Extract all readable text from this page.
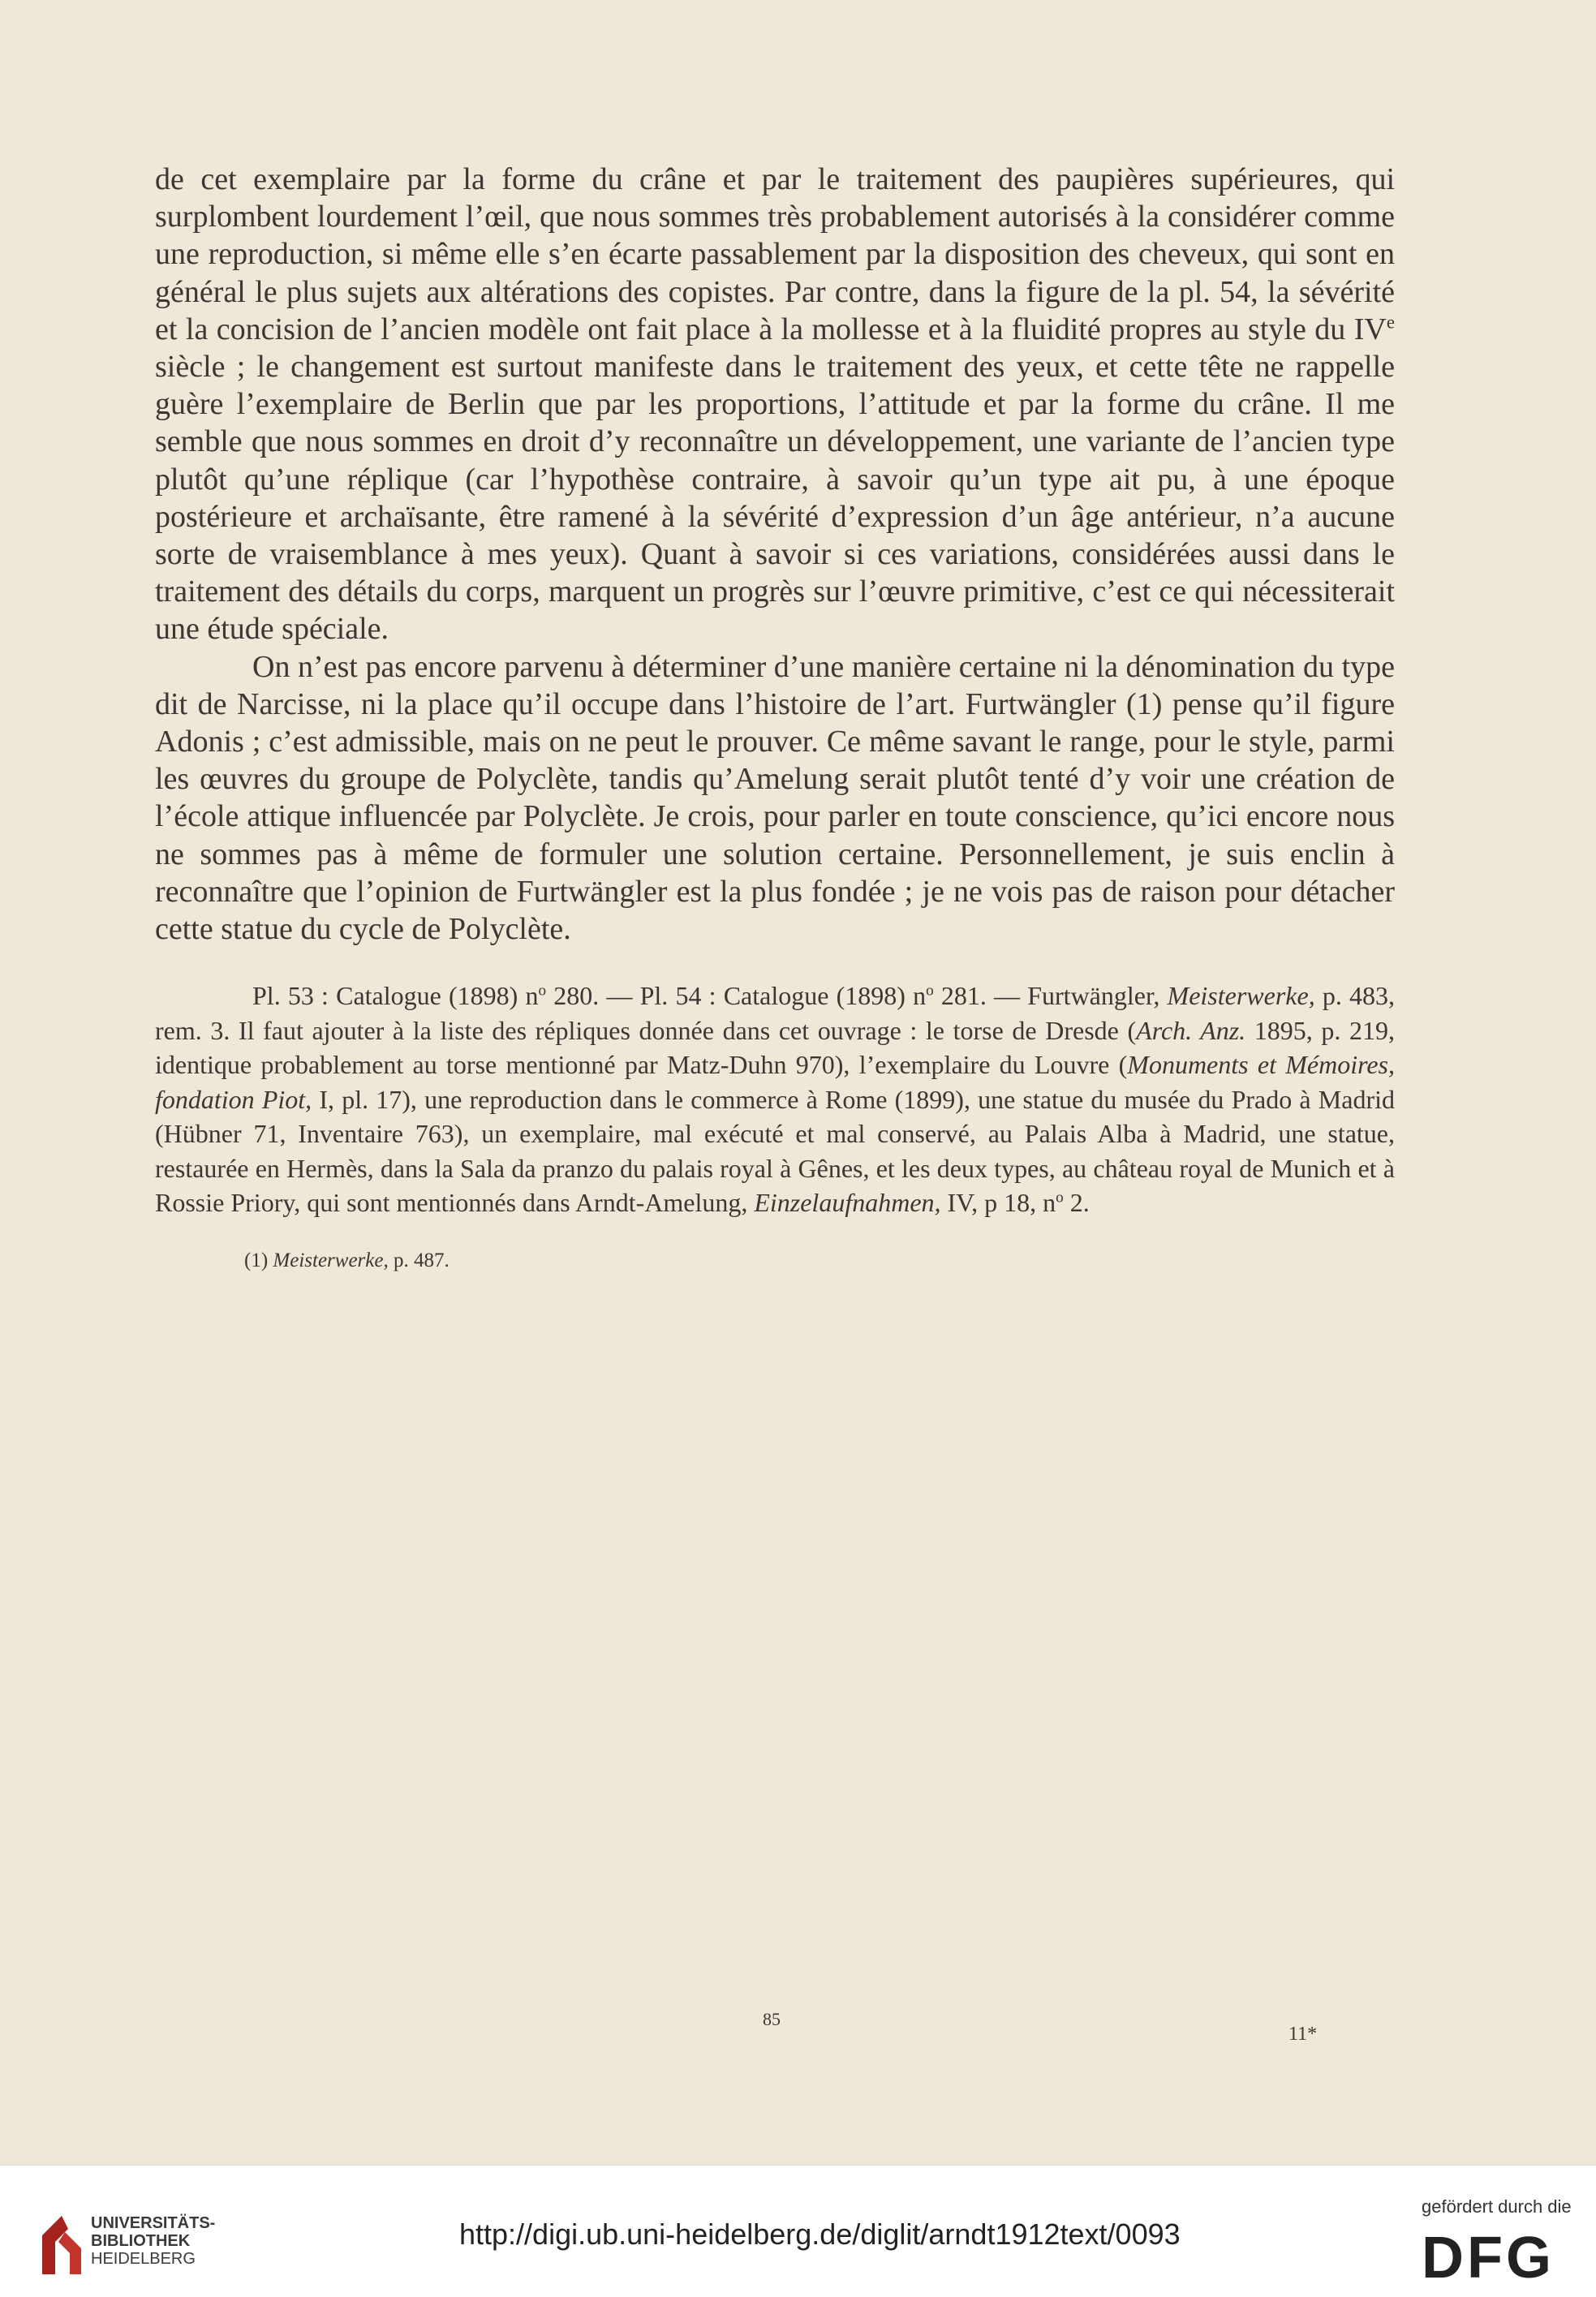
de cet exemplaire par la forme du crâne et par le traitement des paupières supérieures, qui surplombent lourdement l’œil, que nous sommes très probablement autorisés à la considérer comme une reproduction, si même elle s’en écarte passablement par la disposition des cheveux, qui sont en général le plus sujets aux altérations des copistes. Par contre, dans la figure de la pl. 54, la sévérité et la concision de l’ancien modèle ont fait place à la mollesse et à la fluidité propres au style du IVe siècle ; le changement est surtout manifeste dans le traitement des yeux, et cette tête ne rappelle guère l’exemplaire de Berlin que par les proportions, l’attitude et par la forme du crâne. Il me semble que nous sommes en droit d’y reconnaître un développement, une variante de l’ancien type plutôt qu’une réplique (car l’hypothèse contraire, à savoir qu’un type ait pu, à une époque postérieure et archaïsante, être ramené à la sévérité d’expression d’un âge antérieur, n’a aucune sorte de vraisemblance à mes yeux). Quant à savoir si ces variations, considérées aussi dans le traitement des détails du corps, marquent un progrès sur l’œuvre primitive, c’est ce qui nécessiterait une étude spéciale.

On n’est pas encore parvenu à déterminer d’une manière certaine ni la dénomination du type dit de Narcisse, ni la place qu’il occupe dans l’histoire de l’art. Furtwängler (1) pense qu’il figure Adonis ; c’est admissible, mais on ne peut le prouver. Ce même savant le range, pour le style, parmi les œuvres du groupe de Polyclète, tandis qu’Amelung serait plutôt tenté d’y voir une création de l’école attique influencée par Polyclète. Je crois, pour parler en toute conscience, qu’ici encore nous ne sommes pas à même de formuler une solution certaine. Personnellement, je suis enclin à reconnaître que l’opinion de Furtwängler est la plus fondée ; je ne vois pas de raison pour détacher cette statue du cycle de Polyclète.

Pl. 53 : Catalogue (1898) $n^o$ 280. — Pl. 54 : Catalogue (1898) $n^o$ 281. — Furtwängler, Meisterwerke, p. 483, rem. 3. Il faut ajouter à la liste des répliques donnée dans cet ouvrage : le torse de Dresde (Arch. Anz. 1895, p. 219, identique probablement au torse mentionné par Matz-Duhn 970), l’exemplaire du Louvre (Monuments et Mémoires, fondation Piot, I, pl. 17), une reproduction dans le commerce à Rome (1899), une statue du musée du Prado à Madrid (Hübner 71, Inventaire 763), un exemplaire, mal exécuté et mal conservé, au Palais Alba à Madrid, une statue, restaurée en Hermès, dans la Sala da pranzo du palais royal à Gênes, et les deux types, au château royal de Munich et à Rossie Priory, qui sont mentionnés dans Arndt-Amelung, Einzelaufnahmen, IV, p 18, $n^o$ 2.

(1) Meisterwerke, p. 487.
85
11*
UNIVERSITÄTS-
BIBLIOTHEK
HEIDELBERG
http://digi.ub.uni-heidelberg.de/diglit/arndt1912text/0093
gefördert durch die
DFG
